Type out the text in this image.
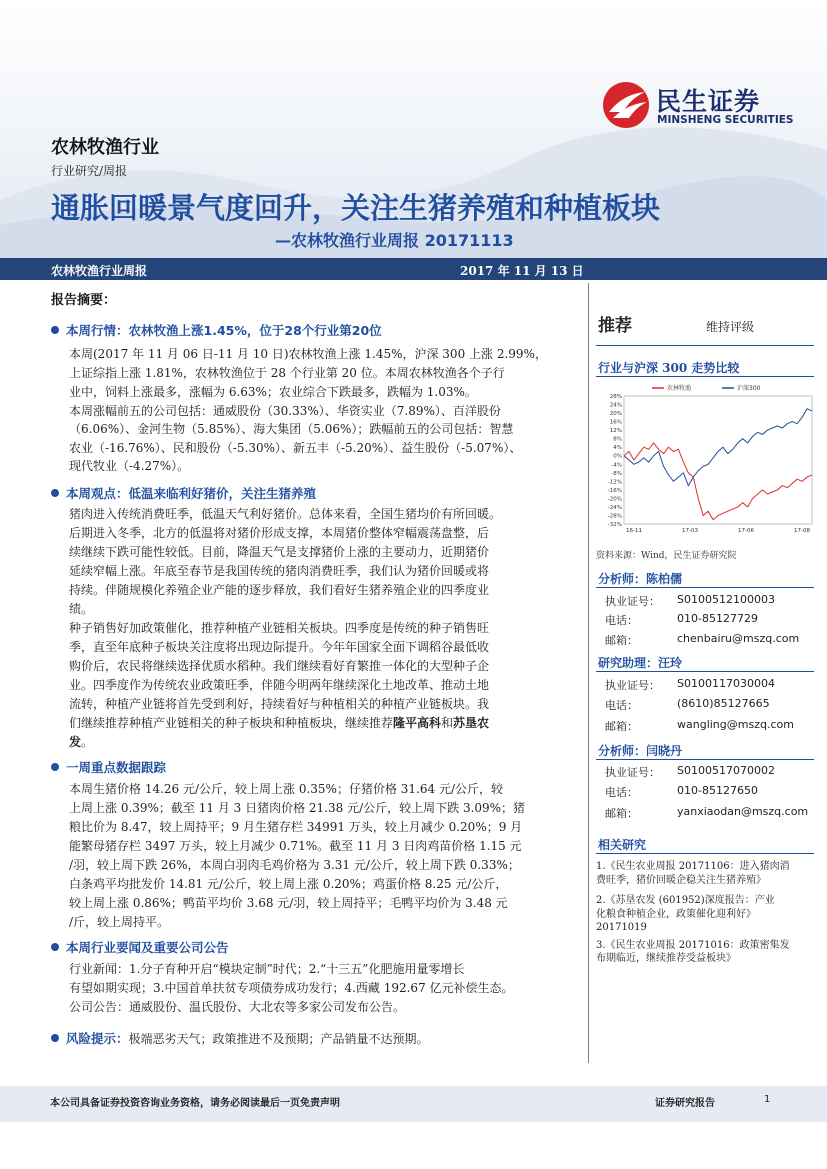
民生证券
MINSHENG SECURITIES
农林牧渔行业
行业研究/周报
通胀回暖景气度回升，关注生猪养殖和种植板块
—农林牧渔行业周报 20171113
农林牧渔行业周报	2017 年 11 月 13 日
报告摘要：
本周行情：农林牧渔上涨1.45%，位于28个行业第20位
本周(2017 年 11 月 06 日-11 月 10 日)农林牧渔上涨 1.45%，沪深 300 上涨 2.99%，
上证综指上涨 1.81%，农林牧渔位于 28 个行业第 20 位。本周农林牧渔各个子行
业中，饲料上涨最多，涨幅为 6.63%；农业综合下跌最多，跌幅为 1.03%。
本周涨幅前五的公司包括：通威股份（30.33%）、华资实业（7.89%）、百洋股份
（6.06%）、金河生物（5.85%）、海大集团（5.06%）；跌幅前五的公司包括：智慧
农业（-16.76%）、民和股份（-5.30%）、新五丰（-5.20%）、益生股份（-5.07%）、
现代牧业（-4.27%）。
本周观点：低温来临利好猪价，关注生猪养殖
猪肉进入传统消费旺季，低温天气利好猪价。总体来看，全国生猪均价有所回暖。
后期进入冬季，北方的低温将对猪价形成支撑，本周猪价整体窄幅震荡盘整，后
续继续下跌可能性较低。目前，降温天气是支撑猪价上涨的主要动力，近期猪价
延续窄幅上涨。年底至春节是我国传统的猪肉消费旺季，我们认为猪价回暖或将
持续。伴随规模化养殖企业产能的逐步释放，我们看好生猪养殖企业的四季度业
绩。
种子销售好加政策催化，推荐种植产业链相关板块。四季度是传统的种子销售旺
季，直至年底种子板块关注度将出现边际提升。今年年国家全面下调稻谷最低收
购价后，农民将继续选择优质水稻种。我们继续看好育繁推一体化的大型种子企
业。四季度作为传统农业政策旺季，伴随今明两年继续深化土地改革、推动土地
流转，种植产业链将首先受到利好，持续看好与种植相关的种植产业链板块。我
们继续推荐种植产业链相关的种子板块和种植板块，继续推荐隆平高科和苏垦农
发。
一周重点数据跟踪
本周生猪价格 14.26 元/公斤，较上周上涨 0.35%；仔猪价格 31.64 元/公斤，较
上周上涨 0.39%；截至 11 月 3 日猪肉价格 21.38 元/公斤，较上周下跌 3.09%；猪
粮比价为 8.47，较上周持平；9 月生猪存栏 34991 万头，较上月减少 0.20%；9 月
能繁母猪存栏 3497 万头，较上月减少 0.71%。截至 11 月 3 日肉鸡苗价格 1.15 元
/羽，较上周下跌 26%，本周白羽肉毛鸡价格为 3.31 元/公斤，较上周下跌 0.33%；
白条鸡平均批发价 14.81 元/公斤，较上周上涨 0.20%；鸡蛋价格 8.25 元/公斤，
较上周上涨 0.86%；鸭苗平均价 3.68 元/羽，较上周持平；毛鸭平均价为 3.48 元
/斤，较上周持平。
本周行业要闻及重要公司公告
行业新闻：1.分子育种开启“模块定制”时代；2.“十三五”化肥施用量零增长
有望如期实现；3.中国首单扶贫专项债券成功发行；4.西藏 192.67 亿元补偿生态。
公司公告：通威股份、温氏股份、大北农等多家公司发布公告。
风险提示：极端恶劣天气；政策推进不及预期；产品销量不达预期。
推荐	维持评级
行业与沪深 300 走势比较
28%
24%
20%
16%
12%
8%
4%
0%
-4%
-8%
-12%
-16%
-20%
-24%
-28%
-32%
16-11	17-03	17-06	17-08
农林牧渔	沪深300
资料来源：Wind，民生证券研究院
分析师：陈柏儒
执业证号： S0100512100003
电话：	010-85127729
邮箱：	chenbairu@mszq.com
研究助理：汪玲
执业证号： S0100117030004
电话：	(8610)85127665
邮箱：	wangling@mszq.com
分析师：闫晓丹
执业证号： S0100517070002
电话：	010-85127650
邮箱：	yanxiaodan@mszq.com
相关研究
1.《民生农业周报 20171106：进入猪肉消
费旺季，猪价回暖企稳关注生猪养殖》
2.《苏垦农发 (601952)深度报告：产业
化粮食种植企业，政策催化迎利好》
20171019
3.《民生农业周报 20171016：政策密集发
布期临近，继续推荐受益板块》
本公司具备证券投资咨询业务资格，请务必阅读最后一页免责声明	证券研究报告	1
